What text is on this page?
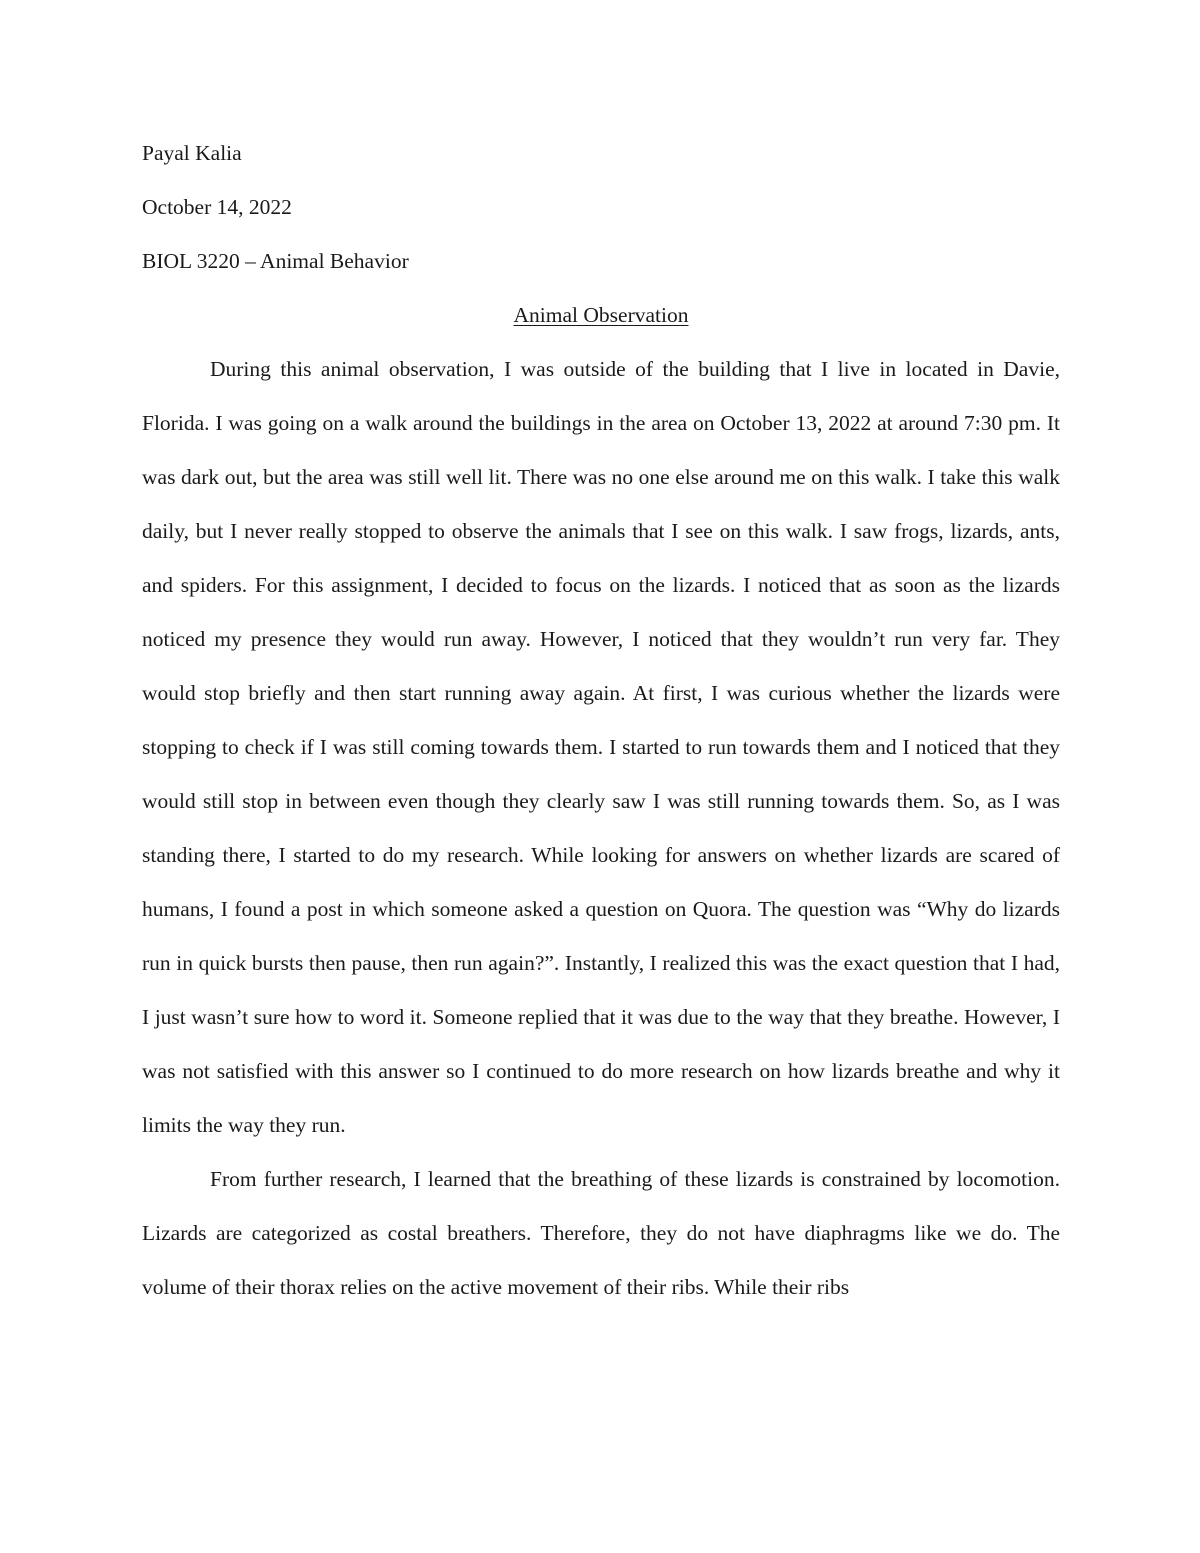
Payal Kalia

October 14, 2022

BIOL 3220 – Animal Behavior

Animal Observation

During this animal observation, I was outside of the building that I live in located in Davie, Florida. I was going on a walk around the buildings in the area on October 13, 2022 at around 7:30 pm. It was dark out, but the area was still well lit. There was no one else around me on this walk. I take this walk daily, but I never really stopped to observe the animals that I see on this walk. I saw frogs, lizards, ants, and spiders. For this assignment, I decided to focus on the lizards. I noticed that as soon as the lizards noticed my presence they would run away. However, I noticed that they wouldn’t run very far. They would stop briefly and then start running away again. At first, I was curious whether the lizards were stopping to check if I was still coming towards them. I started to run towards them and I noticed that they would still stop in between even though they clearly saw I was still running towards them. So, as I was standing there, I started to do my research. While looking for answers on whether lizards are scared of humans, I found a post in which someone asked a question on Quora. The question was “Why do lizards run in quick bursts then pause, then run again?”. Instantly, I realized this was the exact question that I had, I just wasn’t sure how to word it. Someone replied that it was due to the way that they breathe. However, I was not satisfied with this answer so I continued to do more research on how lizards breathe and why it limits the way they run.

From further research, I learned that the breathing of these lizards is constrained by locomotion. Lizards are categorized as costal breathers. Therefore, they do not have diaphragms like we do. The volume of their thorax relies on the active movement of their ribs. While their ribs
